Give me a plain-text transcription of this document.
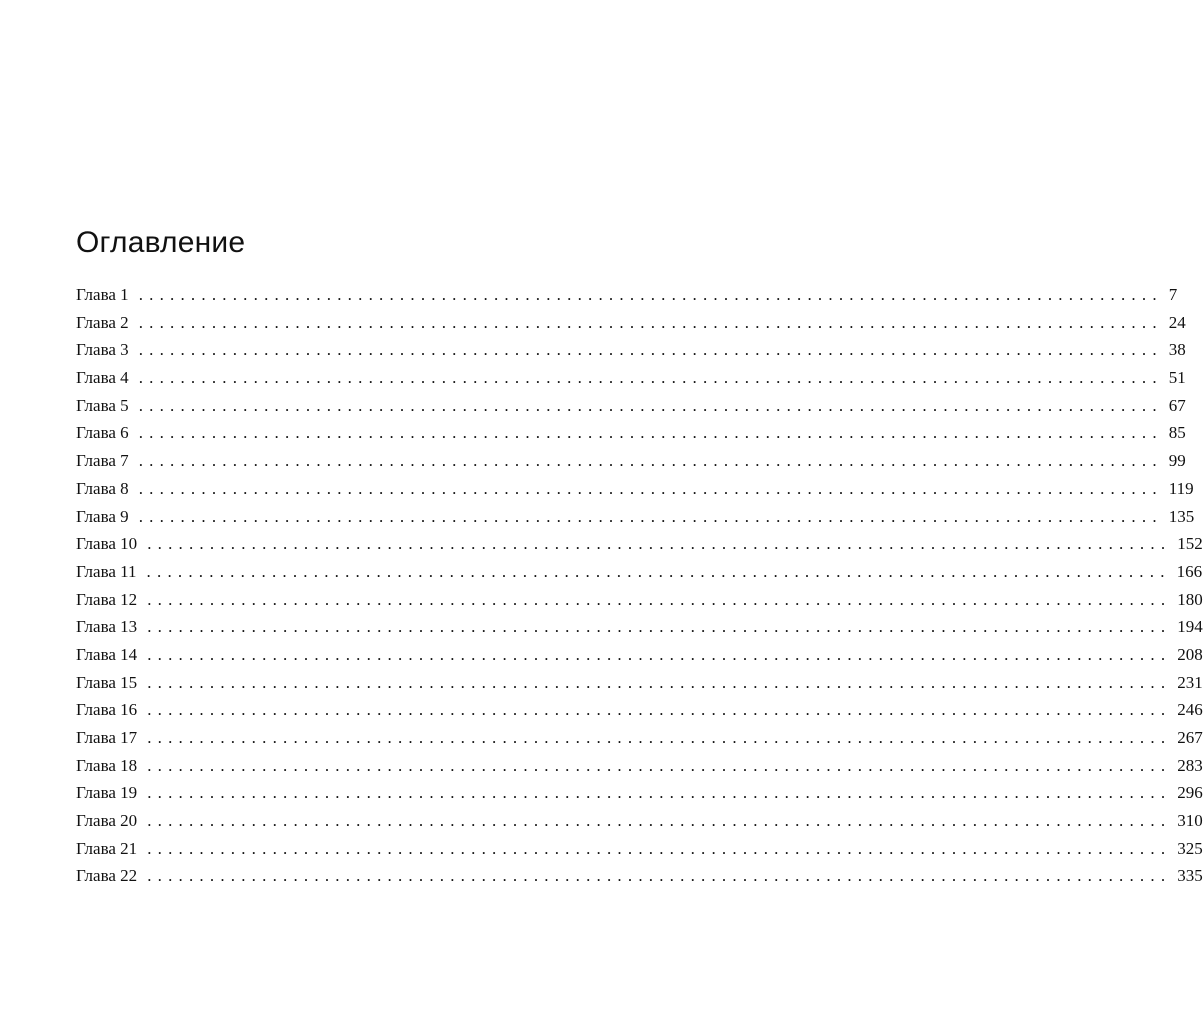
Оглавление
Глава 1 .................................................................................................. 7
Глава 2 .................................................................................................. 24
Глава 3 .................................................................................................. 38
Глава 4 .................................................................................................. 51
Глава 5 .................................................................................................. 67
Глава 6 .................................................................................................. 85
Глава 7 .................................................................................................. 99
Глава 8 .................................................................................................. 119
Глава 9 .................................................................................................. 135
Глава 10 .................................................................................................. 152
Глава 11 .................................................................................................. 166
Глава 12 .................................................................................................. 180
Глава 13 .................................................................................................. 194
Глава 14 .................................................................................................. 208
Глава 15 .................................................................................................. 231
Глава 16 .................................................................................................. 246
Глава 17 .................................................................................................. 267
Глава 18 .................................................................................................. 283
Глава 19 .................................................................................................. 296
Глава 20 .................................................................................................. 310
Глава 21 .................................................................................................. 325
Глава 22 .................................................................................................. 335
